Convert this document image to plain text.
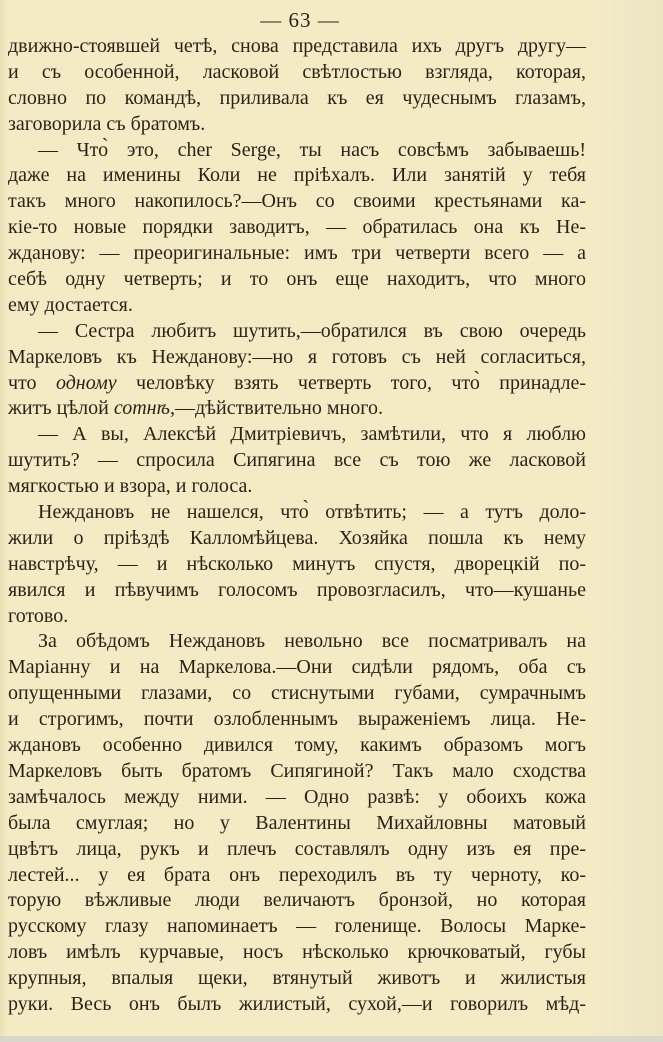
— 63 —
движно-стоявшей четѣ, снова представила ихъ другъ другу—
и съ особенной, ласковой свѣтлостью взгляда, которая,
словно по командѣ, приливала къ ея чудеснымъ глазамъ,
заговорила съ братомъ.
— Что̀ это, cher Serge, ты насъ совсѣмъ забываешь!
даже на именины Коли не пріѣхалъ. Или занятій у тебя
такъ много накопилось?—Онъ со своими крестьянами ка-
кіе-то новые порядки заводитъ, — обратилась она къ Не-
жданову: — преоригинальные: имъ три четверти всего — а
себѣ одну четверть; и то онъ еще находитъ, что много
ему достается.
— Сестра любитъ шутить,—обратился въ свою очередь
Маркеловъ къ Нежданову:—но я готовъ съ ней согласиться,
что одному человѣку взять четверть того, что̀ принадле-
житъ цѣлой сотнѣ,—дѣйствительно много.
— А вы, Алексѣй Дмитріевичъ, замѣтили, что я люблю
шутить? — спросила Сипягина все съ тою же ласковой
мягкостью и взора, и голоса.
Неждановъ не нашелся, что̀ отвѣтить; — а тутъ доло-
жили о пріѣздѣ Калломѣйцева. Хозяйка пошла къ нему
навстрѣчу, — и нѣсколько минутъ спустя, дворецкій по-
явился и пѣвучимъ голосомъ провозгласилъ, что—кушанье
готово.
За обѣдомъ Неждановъ невольно все посматривалъ на
Маріанну и на Маркелова.—Они сидѣли рядомъ, оба съ
опущенными глазами, со стиснутыми губами, сумрачнымъ
и строгимъ, почти озлобленнымъ выраженіемъ лица. Не-
ждановъ особенно дивился тому, какимъ образомъ могъ
Маркеловъ быть братомъ Сипягиной? Такъ мало сходства
замѣчалось между ними. — Одно развѣ: у обоихъ кожа
была смуглая; но у Валентины Михайловны матовый
цвѣтъ лица, рукъ и плечъ составлялъ одну изъ ея пре-
лестей... у ея брата онъ переходилъ въ ту черноту, ко-
торую вѣжливые люди величаютъ бронзой, но которая
русскому глазу напоминаетъ — голенище. Волосы Марке-
ловъ имѣлъ курчавые, носъ нѣсколько крючковатый, губы
крупныя, впалыя щеки, втянутый животъ и жилистыя
руки. Весь онъ былъ жилистый, сухой,—и говорилъ мѣд-
